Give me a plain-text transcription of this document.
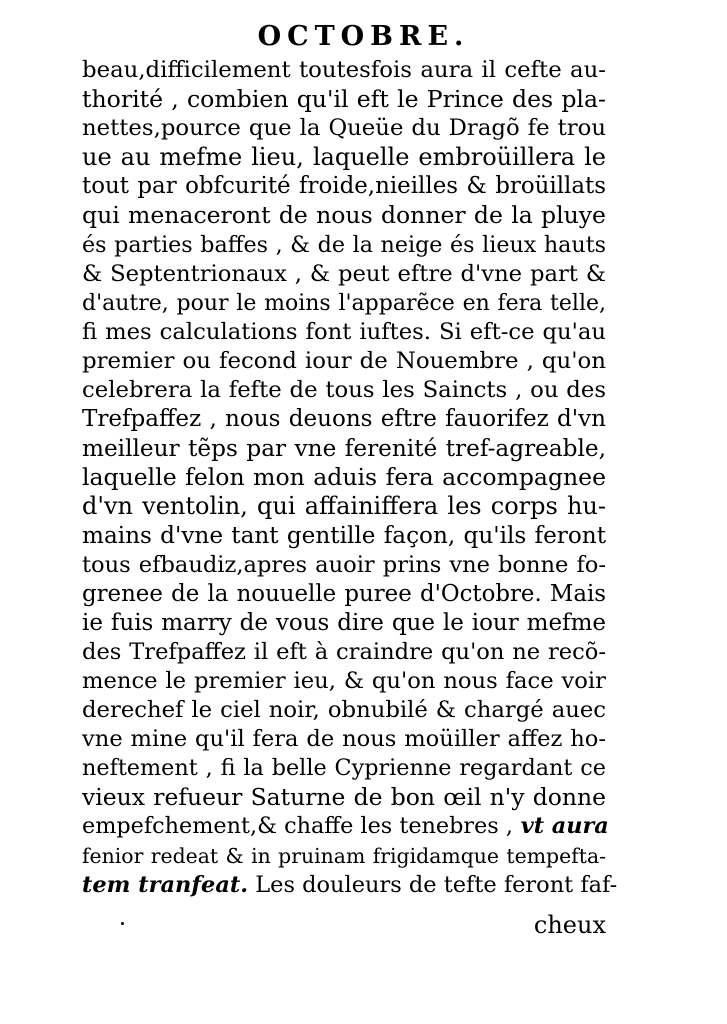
OCTOBRE.
beau,difficilement toutesfois aura il cefte au-
thorité , combien qu'il eft le Prince des pla-
nettes,pource que la Queüe du Dragõ fe trou
ue au mefme lieu, laquelle embroüillera le
tout par obfcurité froide,nieilles & broüillats
qui menaceront de nous donner de la pluye
és parties baffes , & de la neige és lieux hauts
& Septentrionaux , & peut eftre d'vne part &
d'autre, pour le moins l'apparẽce en fera telle,
fi mes calculations font iuftes. Si eft-ce qu'au
premier ou fecond iour de Nouembre , qu'on
celebrera la fefte de tous les Saincts , ou des
Trefpaffez , nous deuons eftre fauorifez d'vn
meilleur tẽps par vne ferenité tref-agreable,
laquelle felon mon aduis fera accompagnee
d'vn ventolin, qui affainiffera les corps hu-
mains d'vne tant gentille façon, qu'ils feront
tous efbaudiz,apres auoir prins vne bonne fo-
grenee de la nouuelle puree d'Octobre. Mais
ie fuis marry de vous dire que le iour mefme
des Trefpaffez il eft à craindre qu'on ne recõ-
mence le premier ieu, & qu'on nous face voir
derechef le ciel noir, obnubilé & chargé auec
vne mine qu'il fera de nous moüiller affez ho-
neftement , fi la belle Cyprienne regardant ce
vieux refueur Saturne de bon œil n'y donne
empefchement,& chaffe les tenebres , vt aura
fenior redeat & in pruinam frigidamque tempefta-
tem tranfeat. Les douleurs de tefte feront faf-
cheux
